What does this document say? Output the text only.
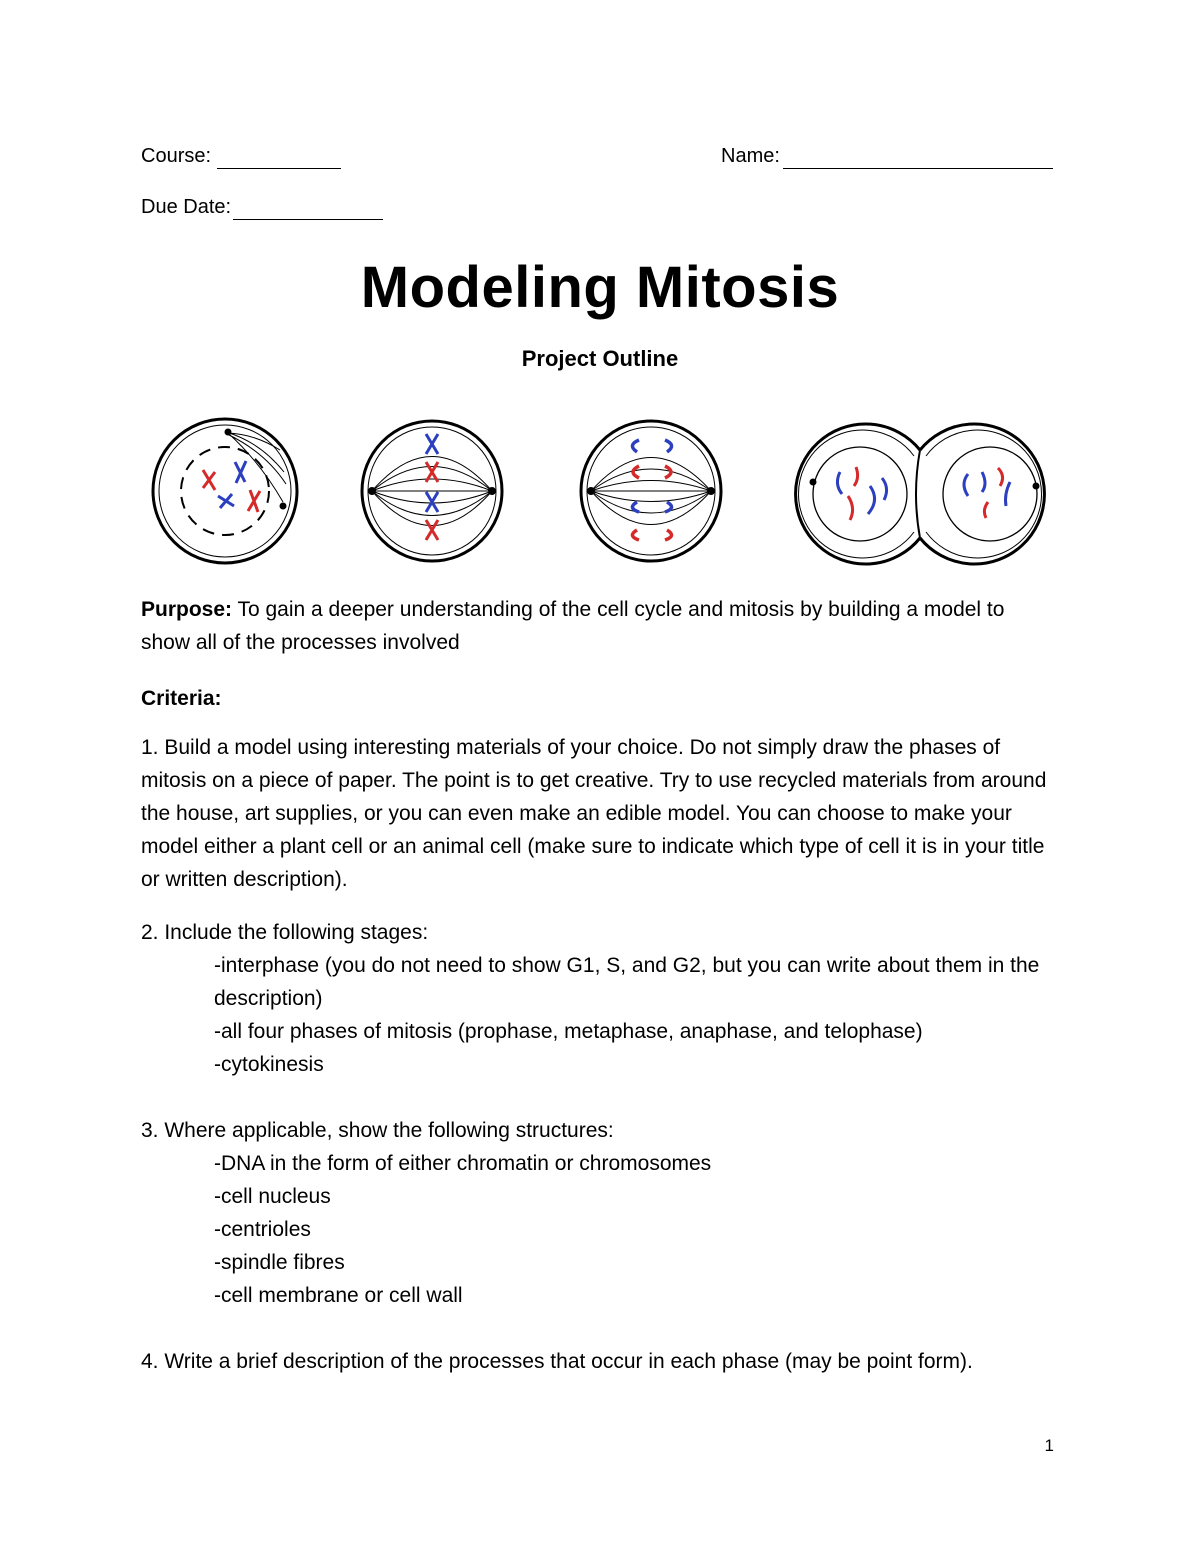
Course:	Name:
Due Date:
Modeling Mitosis
Project Outline
Purpose: To gain a deeper understanding of the cell cycle and mitosis by building a model to show all of the processes involved
Criteria:
1. Build a model using interesting materials of your choice. Do not simply draw the phases of mitosis on a piece of paper. The point is to get creative. Try to use recycled materials from around the house, art supplies, or you can even make an edible model. You can choose to make your model either a plant cell or an animal cell (make sure to indicate which type of cell it is in your title or written description).
2. Include the following stages:
-interphase (you do not need to show G1, S, and G2, but you can write about them in the description)
-all four phases of mitosis (prophase, metaphase, anaphase, and telophase)
-cytokinesis
3. Where applicable, show the following structures:
-DNA in the form of either chromatin or chromosomes
-cell nucleus
-centrioles
-spindle fibres
-cell membrane or cell wall
4. Write a brief description of the processes that occur in each phase (may be point form).
1
